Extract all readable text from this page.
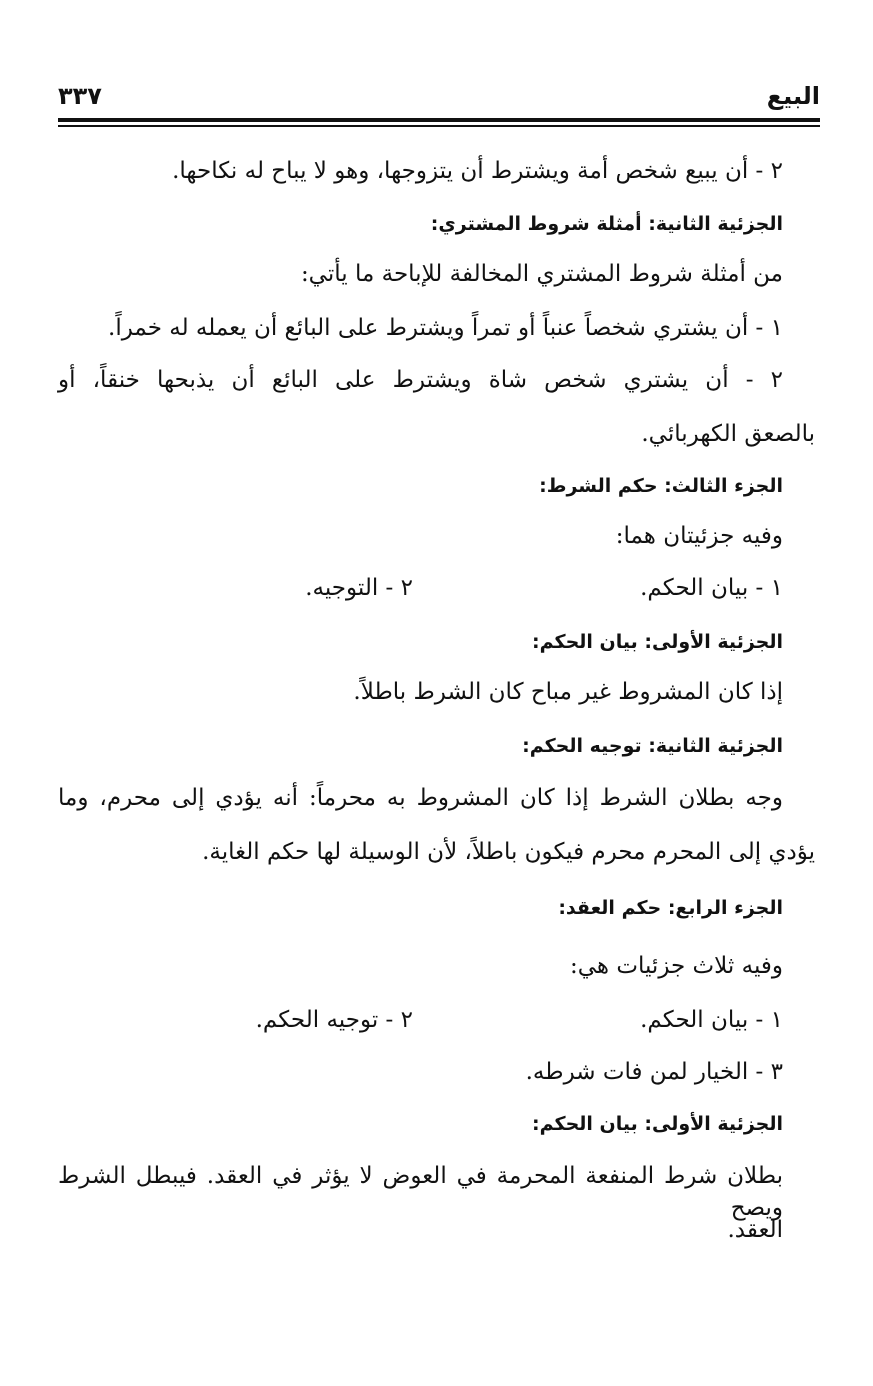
البيع
٣٣٧
٢ - أن يبيع شخص أمة ويشترط أن يتزوجها، وهو لا يباح له نكاحها.
الجزئية الثانية: أمثلة شروط المشتري:
من أمثلة شروط المشتري المخالفة للإباحة ما يأتي:
١ - أن يشتري شخصاً عنباً أو تمراً ويشترط على البائع أن يعمله له خمراً.
٢ - أن يشتري شخص شاة ويشترط على البائع أن يذبحها خنقاً، أو
بالصعق الكهربائي.
الجزء الثالث: حكم الشرط:
وفيه جزئيتان هما:
١ - بيان الحكم.
٢ - التوجيه.
الجزئية الأولى: بيان الحكم:
إذا كان المشروط غير مباح كان الشرط باطلاً.
الجزئية الثانية: توجيه الحكم:
وجه بطلان الشرط إذا كان المشروط به محرماً: أنه يؤدي إلى محرم، وما
يؤدي إلى المحرم محرم فيكون باطلاً، لأن الوسيلة لها حكم الغاية.
الجزء الرابع: حكم العقد:
وفيه ثلاث جزئيات هي:
١ - بيان الحكم.
٢ - توجيه الحكم.
٣ - الخيار لمن فات شرطه.
الجزئية الأولى: بيان الحكم:
بطلان شرط المنفعة المحرمة في العوض لا يؤثر في العقد. فيبطل الشرط ويصح
العقد.
